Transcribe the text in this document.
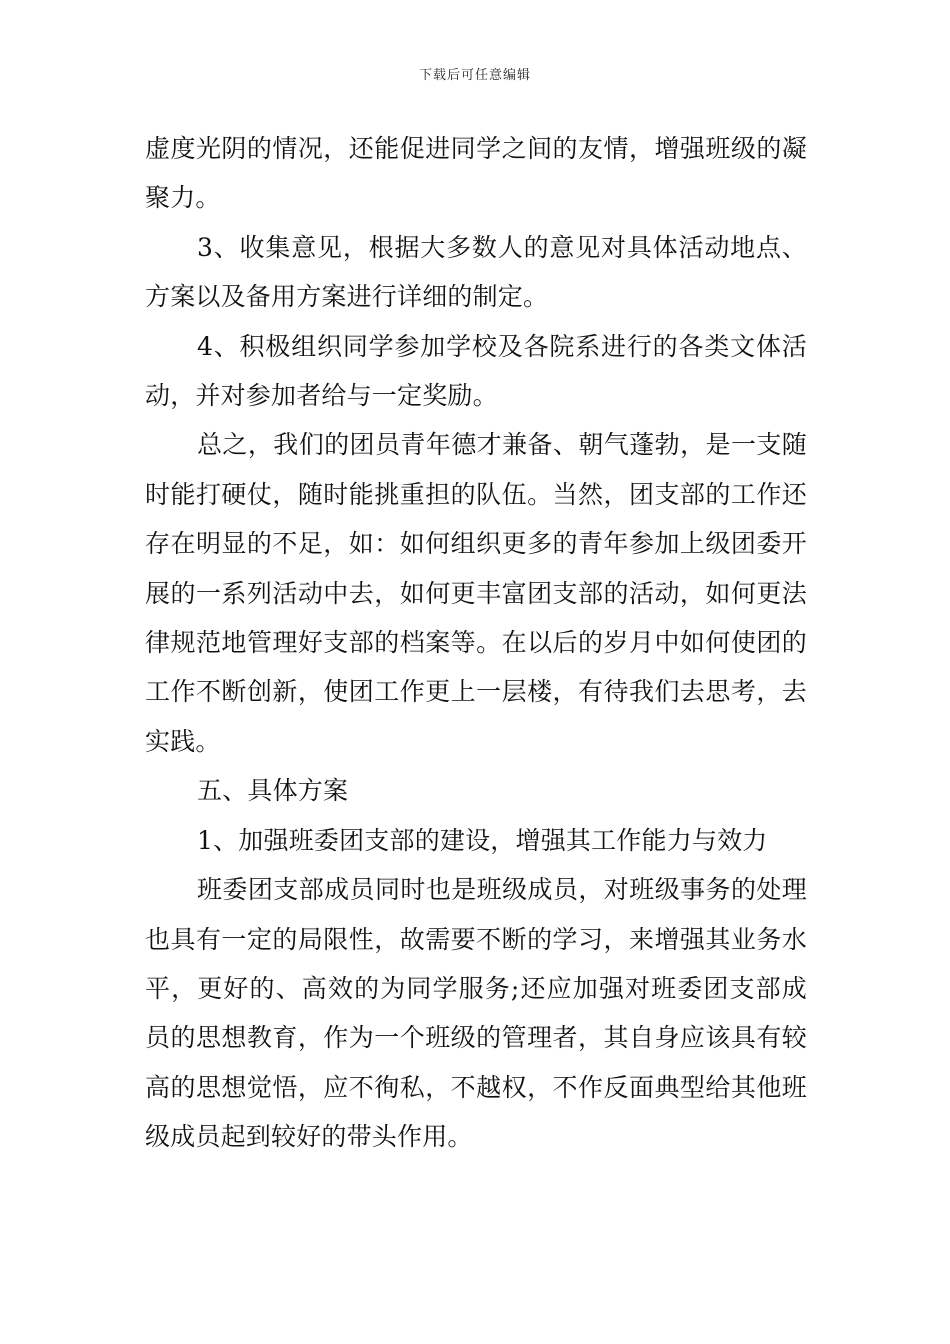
下载后可任意编辑

虚度光阴的情况，还能促进同学之间的友情，增强班级的凝聚力。

3、收集意见，根据大多数人的意见对具体活动地点、方案以及备用方案进行详细的制定。

4、积极组织同学参加学校及各院系进行的各类文体活动，并对参加者给与一定奖励。

总之，我们的团员青年德才兼备、朝气蓬勃，是一支随时能打硬仗，随时能挑重担的队伍。当然，团支部的工作还存在明显的不足，如：如何组织更多的青年参加上级团委开展的一系列活动中去，如何更丰富团支部的活动，如何更法律规范地管理好支部的档案等。在以后的岁月中如何使团的工作不断创新，使团工作更上一层楼，有待我们去思考，去实践。

五、具体方案

1、加强班委团支部的建设，增强其工作能力与效力

班委团支部成员同时也是班级成员，对班级事务的处理也具有一定的局限性，故需要不断的学习，来增强其业务水平，更好的、高效的为同学服务;还应加强对班委团支部成员的思想教育，作为一个班级的管理者，其自身应该具有较高的思想觉悟，应不徇私，不越权，不作反面典型给其他班级成员起到较好的带头作用。
